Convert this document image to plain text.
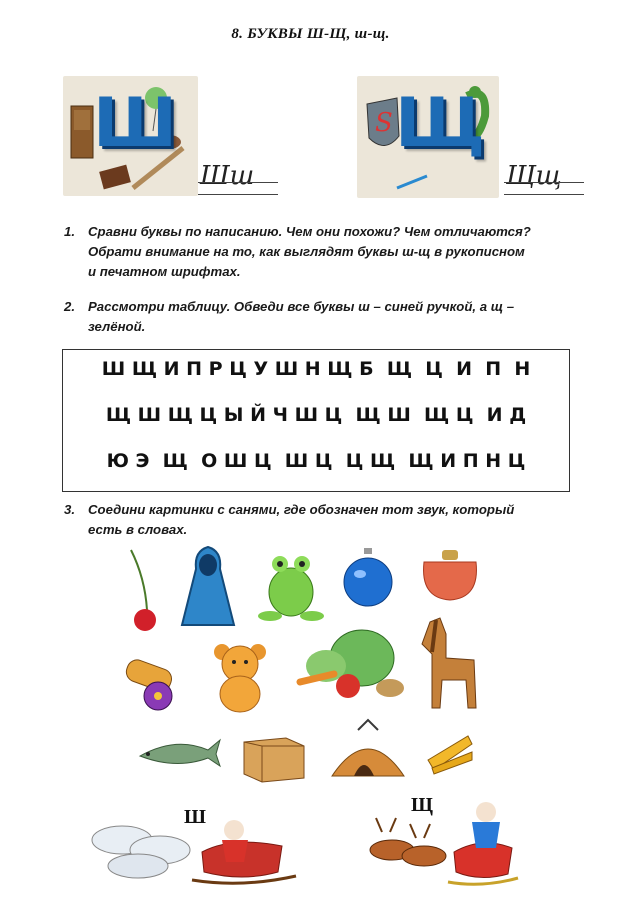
8. БУКВЫ Ш-Щ, ш-щ.
Ш
Шш
S Щ
Щщ
1. Сравни буквы по написанию. Чем они похожи? Чем отличаются?
Обрати внимание на то, как выглядят буквы ш-щ в рукописном
и печатном шрифтах.
2. Рассмотри таблицу. Обведи все буквы ш – синей ручкой, а щ –
зелёной.
Ш Щ И П Р Ц У Ш Н Щ Б  Щ  Ц  И  П  Н
Щ Ш Щ Ц Ы Й Ч Ш Ц  Щ Ш  Щ Ц  И Д
Ю Э  Щ  О Ш Ц  Ш Ц  Ц Щ  Щ И П Н Ц
3. Соедини картинки с санями, где обозначен тот звук, который
есть в словах.
Ш
Щ
